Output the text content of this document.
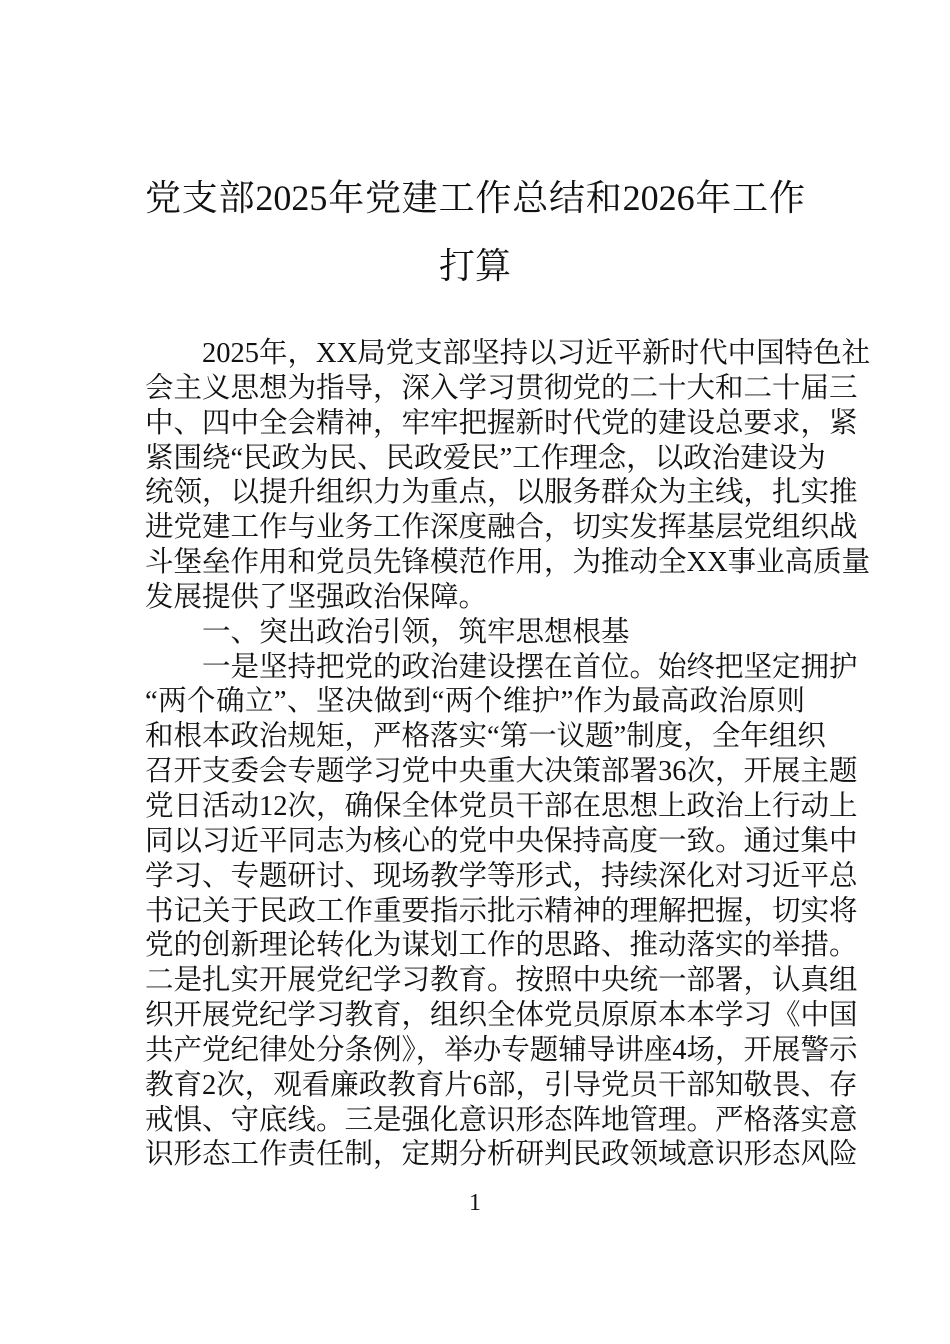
党支部2025年党建工作总结和2026年工作
打算
2025年，XX局党支部坚持以习近平新时代中国特色社
会主义思想为指导，深入学习贯彻党的二十大和二十届三
中、四中全会精神，牢牢把握新时代党的建设总要求，紧
紧围绕“民政为民、民政爱民”工作理念，以政治建设为
统领，以提升组织力为重点，以服务群众为主线，扎实推
进党建工作与业务工作深度融合，切实发挥基层党组织战
斗堡垒作用和党员先锋模范作用，为推动全XX事业高质量
发展提供了坚强政治保障。
一、突出政治引领，筑牢思想根基
一是坚持把党的政治建设摆在首位。始终把坚定拥护
“两个确立”、坚决做到“两个维护”作为最高政治原则
和根本政治规矩，严格落实“第一议题”制度，全年组织
召开支委会专题学习党中央重大决策部署36次，开展主题
党日活动12次，确保全体党员干部在思想上政治上行动上
同以习近平同志为核心的党中央保持高度一致。通过集中
学习、专题研讨、现场教学等形式，持续深化对习近平总
书记关于民政工作重要指示批示精神的理解把握，切实将
党的创新理论转化为谋划工作的思路、推动落实的举措。
二是扎实开展党纪学习教育。按照中央统一部署，认真组
织开展党纪学习教育，组织全体党员原原本本学习《中国
共产党纪律处分条例》，举办专题辅导讲座4场，开展警示
教育2次，观看廉政教育片6部，引导党员干部知敬畏、存
戒惧、守底线。三是强化意识形态阵地管理。严格落实意
识形态工作责任制，定期分析研判民政领域意识形态风险
1
